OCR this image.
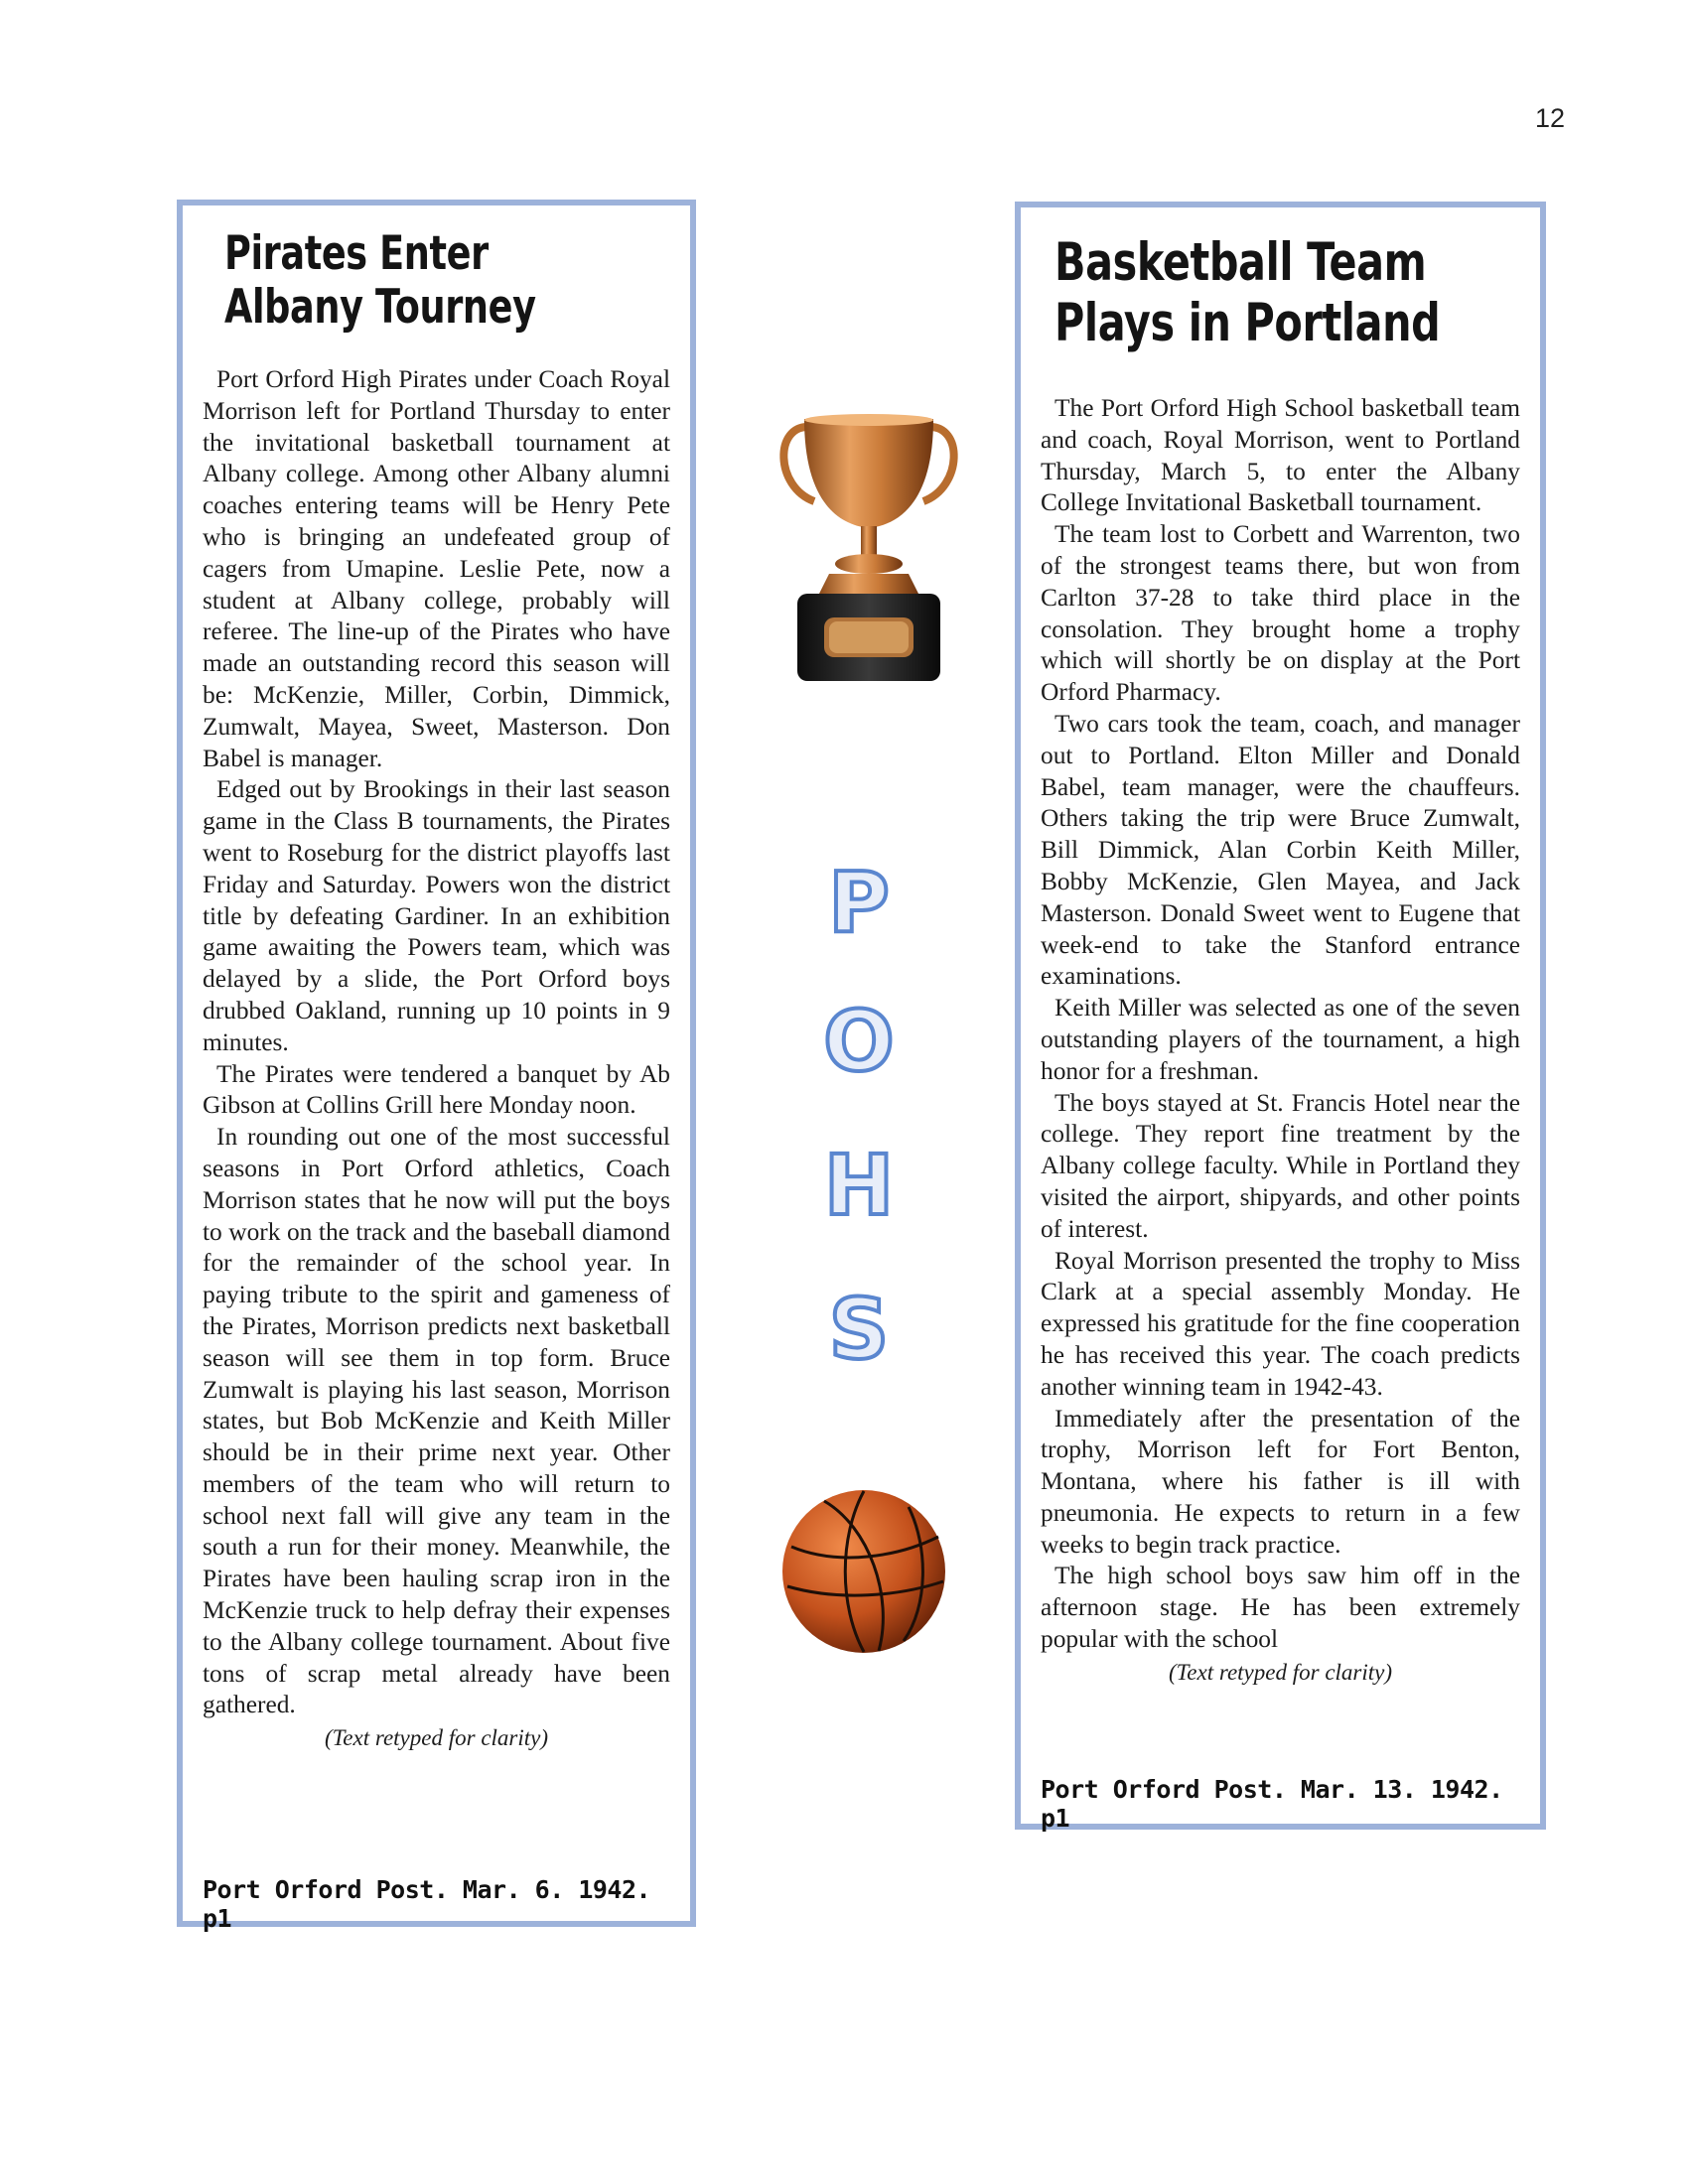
12
Pirates Enter
Albany Tourney

Port Orford High Pirates under Coach Royal Morrison left for Portland Thursday to enter the invitational basketball tournament at Albany college. Among other Albany alumni coaches entering teams will be Henry Pete who is bringing an undefeated group of cagers from Umapine. Leslie Pete, now a student at Albany college, probably will referee. The line-up of the Pirates who have made an outstanding record this season will be: McKenzie, Miller, Corbin, Dimmick, Zumwalt, Mayea, Sweet, Masterson. Don Babel is manager.

Edged out by Brookings in their last season game in the Class B tournaments, the Pirates went to Roseburg for the district playoffs last Friday and Saturday. Powers won the district title by defeating Gardiner. In an exhibition game awaiting the Powers team, which was delayed by a slide, the Port Orford boys drubbed Oakland, running up 10 points in 9 minutes.

The Pirates were tendered a banquet by Ab Gibson at Collins Grill here Monday noon.

In rounding out one of the most successful seasons in Port Orford athletics, Coach Morrison states that he now will put the boys to work on the track and the baseball diamond for the remainder of the school year. In paying tribute to the spirit and gameness of the Pirates, Morrison predicts next basketball season will see them in top form. Bruce Zumwalt is playing his last season, Morrison states, but Bob McKenzie and Keith Miller should be in their prime next year. Other members of the team who will return to school next fall will give any team in the south a run for their money. Meanwhile, the Pirates have been hauling scrap iron in the McKenzie truck to help defray their expenses to the Albany college tournament. About five tons of scrap metal already have been gathered.

(Text retyped for clarity)
Port Orford Post. Mar. 6. 1942. p1
P
O
H
S
Basketball Team
Plays in Portland

The Port Orford High School basketball team and coach, Royal Morrison, went to Portland Thursday, March 5, to enter the Albany College Invitational Basketball tournament.

The team lost to Corbett and Warrenton, two of the strongest teams there, but won from Carlton 37-28 to take third place in the consolation. They brought home a trophy which will shortly be on display at the Port Orford Pharmacy.

Two cars took the team, coach, and manager out to Portland. Elton Miller and Donald Babel, team manager, were the chauffeurs. Others taking the trip were Bruce Zumwalt, Bill Dimmick, Alan Corbin Keith Miller, Bobby McKenzie, Glen Mayea, and Jack Masterson. Donald Sweet went to Eugene that week-end to take the Stanford entrance examinations.

Keith Miller was selected as one of the seven outstanding players of the tournament, a high honor for a freshman.

The boys stayed at St. Francis Hotel near the college. They report fine treatment by the Albany college faculty. While in Portland they visited the airport, shipyards, and other points of interest.

Royal Morrison presented the trophy to Miss Clark at a special assembly Monday. He expressed his gratitude for the fine cooperation he has received this year. The coach predicts another winning team in 1942-43.

Immediately after the presentation of the trophy, Morrison left for Fort Benton, Montana, where his father is ill with pneumonia. He expects to return in a few weeks to begin track practice.

The high school boys saw him off in the afternoon stage. He has been extremely popular with the school

(Text retyped for clarity)
Port Orford Post. Mar. 13. 1942. p1
